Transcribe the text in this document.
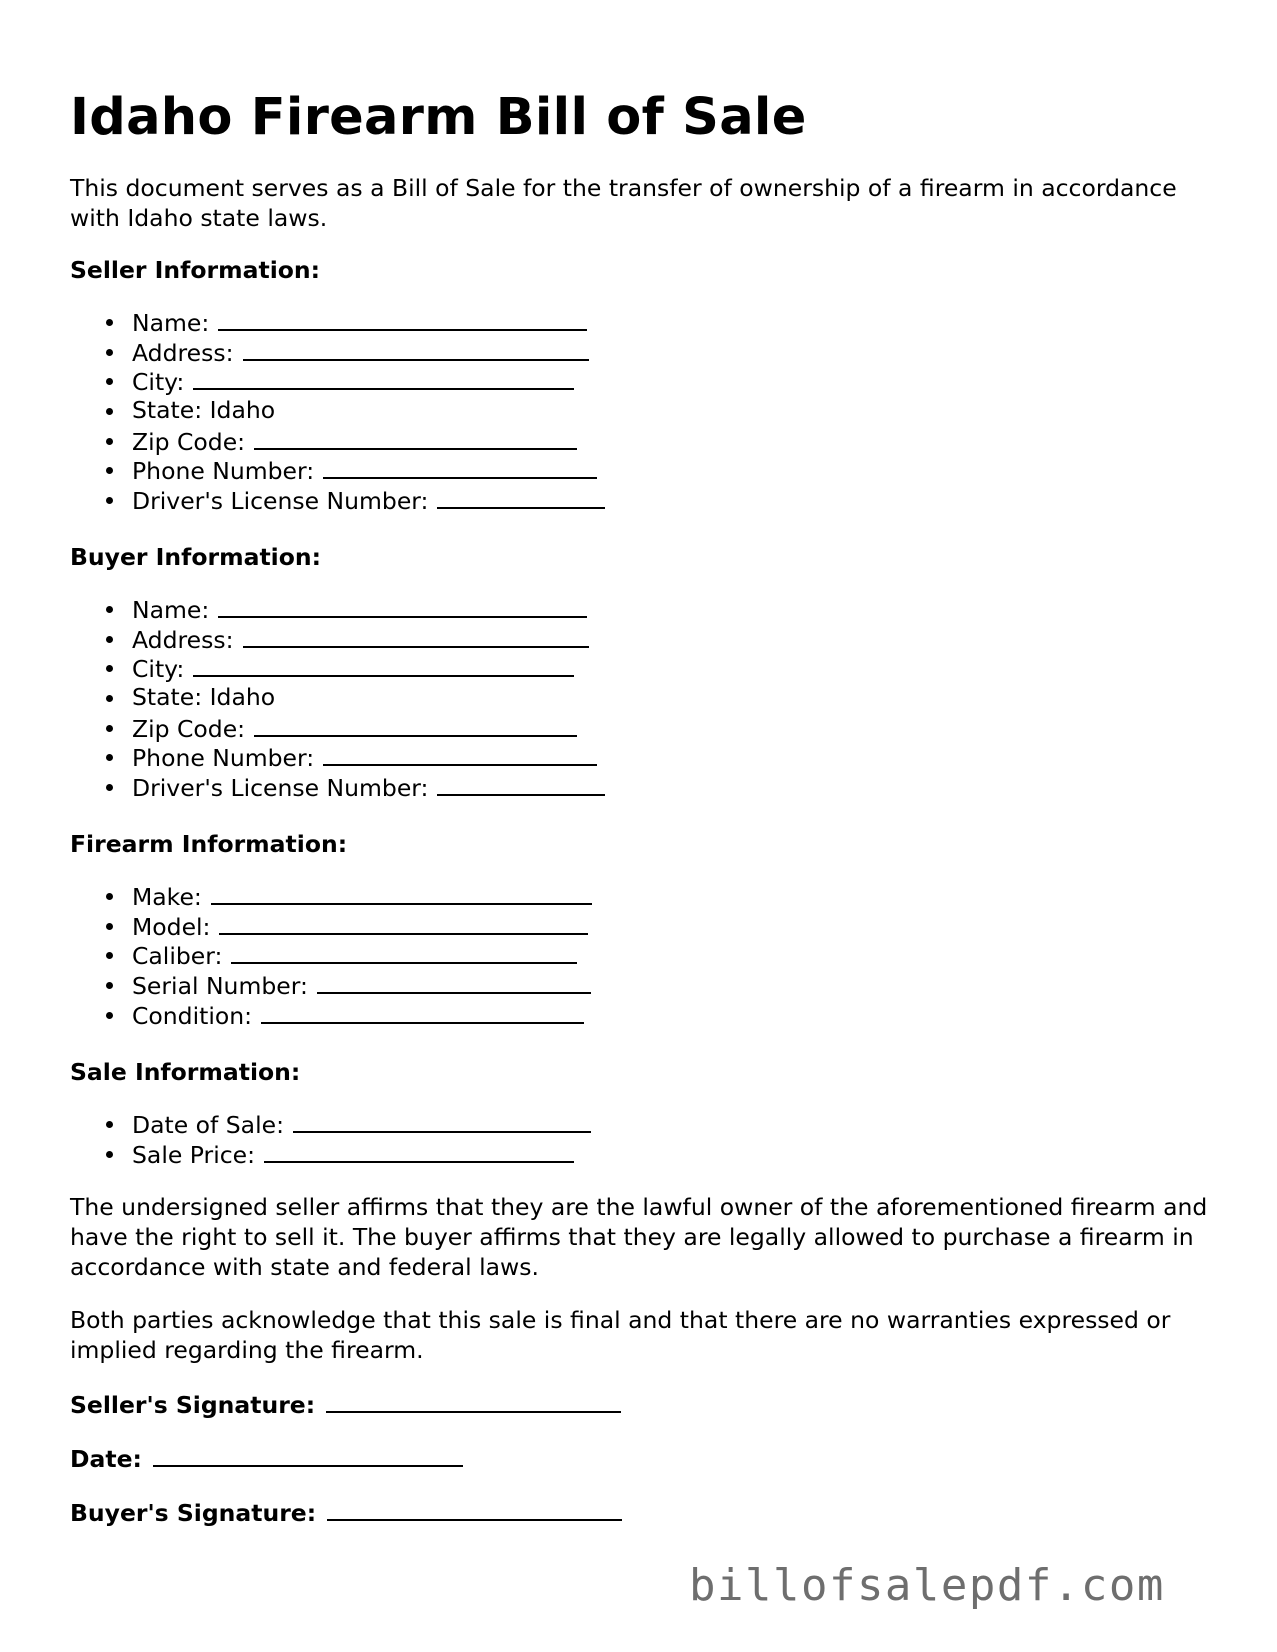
Idaho Firearm Bill of Sale

This document serves as a Bill of Sale for the transfer of ownership of a firearm in accordance with Idaho state laws.

Seller Information:
Name:
Address:
City:
State: Idaho
Zip Code:
Phone Number:
Driver's License Number:
Buyer Information:
Name:
Address:
City:
State: Idaho
Zip Code:
Phone Number:
Driver's License Number:
Firearm Information:
Make:
Model:
Caliber:
Serial Number:
Condition:
Sale Information:
Date of Sale:
Sale Price:

The undersigned seller affirms that they are the lawful owner of the aforementioned firearm and have the right to sell it. The buyer affirms that they are legally allowed to purchase a firearm in accordance with state and federal laws.

Both parties acknowledge that this sale is final and that there are no warranties expressed or implied regarding the firearm.

Seller's Signature:
Date:
Buyer's Signature:
billofsalepdf.com
